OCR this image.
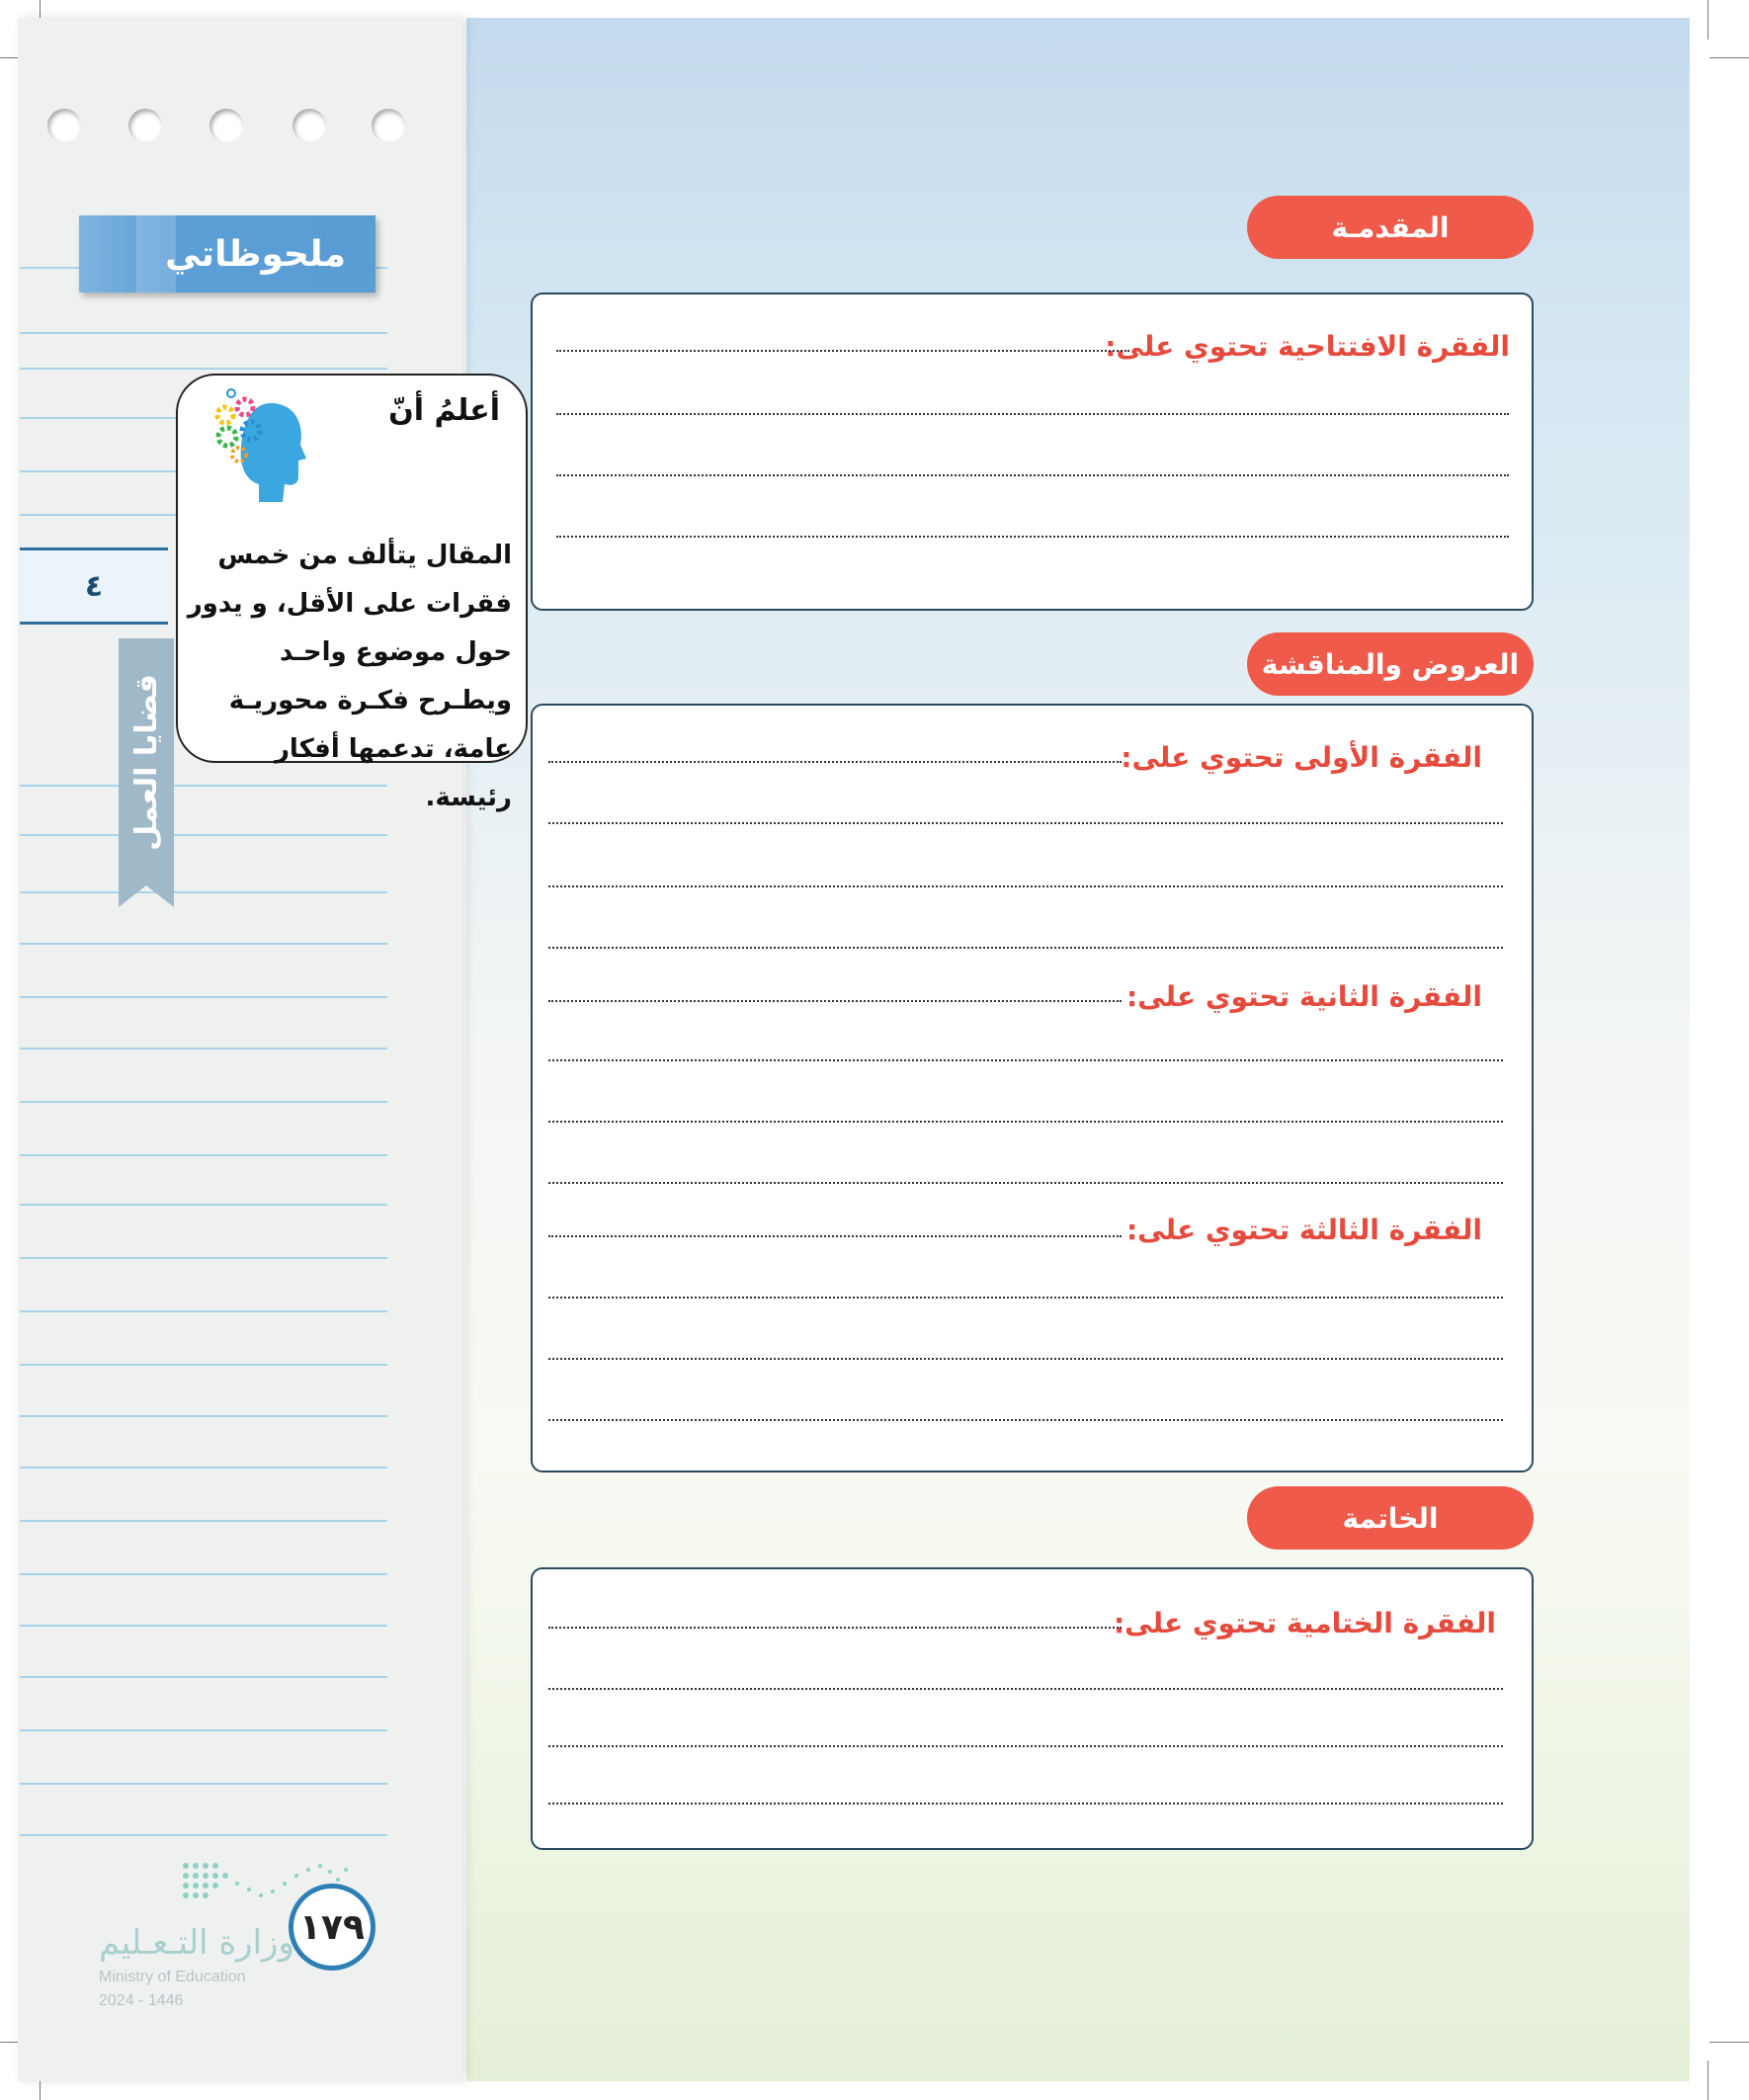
ملحوظاتي
٤
قضايا العمل
أعلمُ أنّ
المقال يتألف من خمس فقرات على الأقل، و يدور حول موضوع واحـد ويطـرح فكـرة محوريـة عامة، تدعمها أفكار رئيسة.
المقدمـة
الفقرة الافتتاحية تحتوي على:
العروض والمناقشة
الفقرة الأولى تحتوي على:
الفقرة الثانية تحتوي على:
الفقرة الثالثة تحتوي على:
الخاتمة
الفقرة الختامية تحتوي على:
١٧٩
وزارة التـعـليم
Ministry of Education
2024 - 1446
